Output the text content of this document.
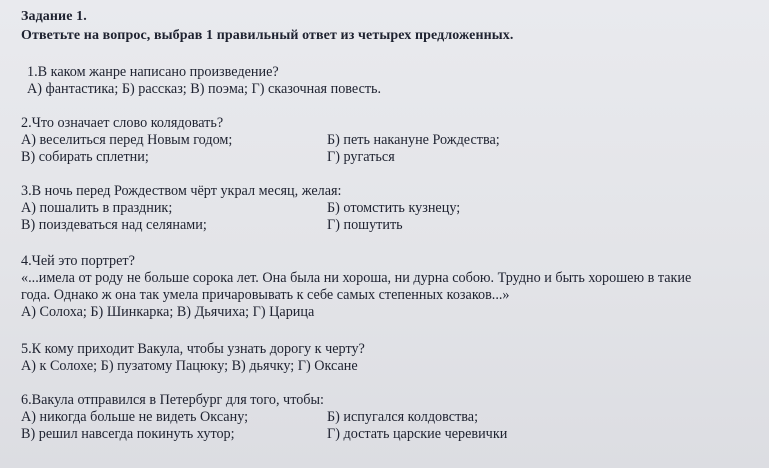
Задание 1.
Ответьте на вопрос, выбрав 1 правильный ответ из четырех предложенных.
1.В каком жанре написано произведение?
А) фантастика; Б) рассказ; В) поэма; Г) сказочная повесть.
2.Что означает слово колядовать?
А) веселиться перед Новым годом;	Б) петь накануне Рождества;
В) собирать сплетни;	Г) ругаться
3.В ночь перед Рождеством чёрт украл месяц, желая:
А) пошалить в праздник;	Б) отомстить кузнецу;
В) поиздеваться над селянами;	Г) пошутить
4.Чей это портрет?
«...имела от роду не больше сорока лет. Она была ни хороша, ни дурна собою. Трудно и быть хорошею в такие
года. Однако ж она так умела причаровывать к себе самых степенных козаков...»
А) Солоха; Б) Шинкарка; В) Дьячиха; Г) Царица
5.К кому приходит Вакула, чтобы узнать дорогу к черту?
А) к Солохе; Б) пузатому Пацюку; В) дьячку; Г) Оксане
6.Вакула отправился в Петербург для того, чтобы:
А) никогда больше не видеть Оксану;	Б) испугался колдовства;
В) решил навсегда покинуть хутор;	Г) достать царские черевички
